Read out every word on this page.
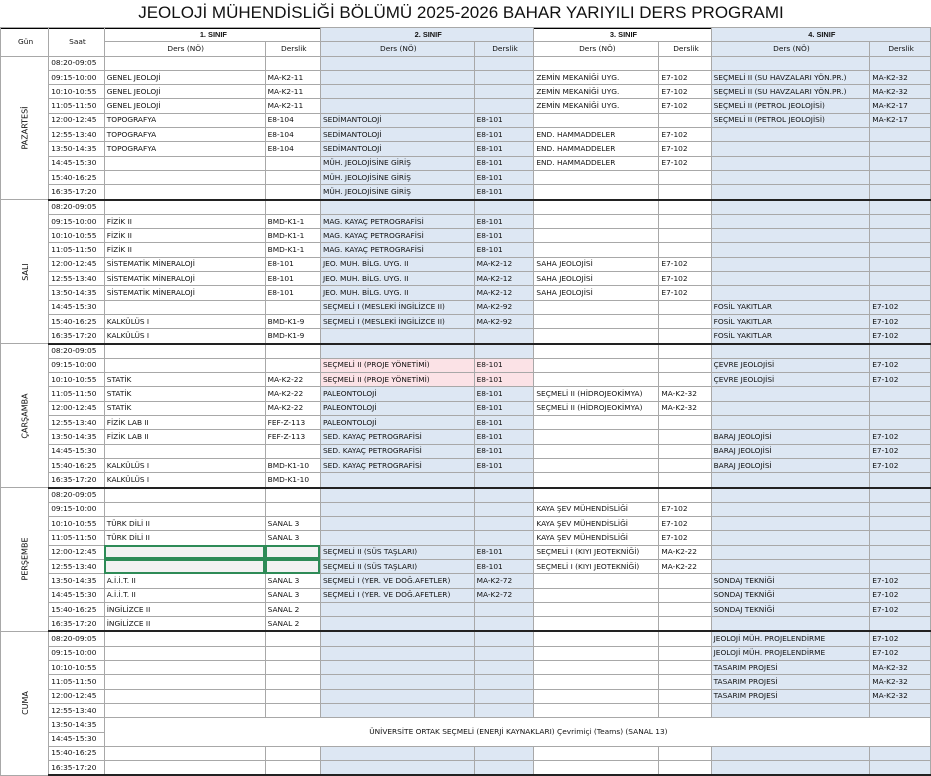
JEOLOJİ MÜHENDİSLİĞİ BÖLÜMÜ 2025-2026 BAHAR YARIYILI DERS PROGRAMI
Gün	Saat	1. SINIF		2. SINIF		3. SINIF		4. SINIF	
		Ders (NÖ)	Derslik	Ders (NÖ)	Derslik	Ders (NÖ)	Derslik	Ders (NÖ)	Derslik
PAZARTESİ	08:20-09:05								
	09:15-10:00	GENEL JEOLOJİ	MA-K2-11			ZEMİN MEKANİĞİ UYG.	E7-102	SEÇMELİ II (SU HAVZALARI YÖN.PR.)	MA-K2-32
	10:10-10:55	GENEL JEOLOJİ	MA-K2-11			ZEMİN MEKANİĞİ UYG.	E7-102	SEÇMELİ II (SU HAVZALARI YÖN.PR.)	MA-K2-32
	11:05-11:50	GENEL JEOLOJİ	MA-K2-11			ZEMİN MEKANİĞİ UYG.	E7-102	SEÇMELİ II (PETROL JEOLOJİSİ)	MA-K2-17
	12:00-12:45	TOPOGRAFYA	E8-104	SEDİMANTOLOJİ	E8-101			SEÇMELİ II (PETROL JEOLOJİSİ)	MA-K2-17
	12:55-13:40	TOPOGRAFYA	E8-104	SEDİMANTOLOJİ	E8-101	END. HAMMADDELER	E7-102		
	13:50-14:35	TOPOGRAFYA	E8-104	SEDİMANTOLOJİ	E8-101	END. HAMMADDELER	E7-102		
	14:45-15:30			MÜH. JEOLOJİSİNE GİRİŞ	E8-101	END. HAMMADDELER	E7-102		
	15:40-16:25			MÜH. JEOLOJİSİNE GİRİŞ	E8-101				
	16:35-17:20			MÜH. JEOLOJİSİNE GİRİŞ	E8-101				
SALI	08:20-09:05								
	09:15-10:00	FİZİK II	BMD-K1-1	MAG. KAYAÇ PETROGRAFİSİ	E8-101				
	10:10-10:55	FİZİK II	BMD-K1-1	MAG. KAYAÇ PETROGRAFİSİ	E8-101				
	11:05-11:50	FİZİK II	BMD-K1-1	MAG. KAYAÇ PETROGRAFİSİ	E8-101				
	12:00-12:45	SİSTEMATİK MİNERALOJİ	E8-101	JEO. MUH. BİLG. UYG. II	MA-K2-12	SAHA JEOLOJİSİ	E7-102		
	12:55-13:40	SİSTEMATİK MİNERALOJİ	E8-101	JEO. MUH. BİLG. UYG. II	MA-K2-12	SAHA JEOLOJİSİ	E7-102		
	13:50-14:35	SİSTEMATİK MİNERALOJİ	E8-101	JEO. MUH. BİLG. UYG. II	MA-K2-12	SAHA JEOLOJİSİ	E7-102		
	14:45-15:30			SEÇMELİ I (MESLEKİ İNGİLİZCE II)	MA-K2-92			FOSİL YAKITLAR	E7-102
	15:40-16:25	KALKÜLÜS I	BMD-K1-9	SEÇMELİ I (MESLEKİ İNGİLİZCE II)	MA-K2-92			FOSİL YAKITLAR	E7-102
	16:35-17:20	KALKÜLÜS I	BMD-K1-9					FOSİL YAKITLAR	E7-102
ÇARŞAMBA	08:20-09:05								
	09:15-10:00			SEÇMELİ II (PROJE YÖNETİMİ)	E8-101			ÇEVRE JEOLOJİSİ	E7-102
	10:10-10:55	STATİK	MA-K2-22	SEÇMELİ II (PROJE YÖNETİMİ)	E8-101			ÇEVRE JEOLOJİSİ	E7-102
	11:05-11:50	STATİK	MA-K2-22	PALEONTOLOJİ	E8-101	SEÇMELİ II (HİDROJEOKİMYA)	MA-K2-32		
	12:00-12:45	STATİK	MA-K2-22	PALEONTOLOJİ	E8-101	SEÇMELİ II (HİDROJEOKİMYA)	MA-K2-32		
	12:55-13:40	FİZİK LAB II	FEF-Z-113	PALEONTOLOJİ	E8-101				
	13:50-14:35	FİZİK LAB II	FEF-Z-113	SED. KAYAÇ PETROGRAFİSİ	E8-101			BARAJ JEOLOJİSİ	E7-102
	14:45-15:30			SED. KAYAÇ PETROGRAFİSİ	E8-101			BARAJ JEOLOJİSİ	E7-102
	15:40-16:25	KALKÜLÜS I	BMD-K1-10	SED. KAYAÇ PETROGRAFİSİ	E8-101			BARAJ JEOLOJİSİ	E7-102
	16:35-17:20	KALKÜLÜS I	BMD-K1-10						
PERŞEMBE	08:20-09:05								
	09:15-10:00					KAYA ŞEV MÜHENDİSLİĞİ	E7-102		
	10:10-10:55	TÜRK DİLİ II	SANAL 3			KAYA ŞEV MÜHENDİSLİĞİ	E7-102		
	11:05-11:50	TÜRK DİLİ II	SANAL 3			KAYA ŞEV MÜHENDİSLİĞİ	E7-102		
	12:00-12:45			SEÇMELİ II (SÜS TAŞLARI)	E8-101	SEÇMELİ I (KIYI JEOTEKNİĞİ)	MA-K2-22		
	12:55-13:40			SEÇMELİ II (SÜS TAŞLARI)	E8-101	SEÇMELİ I (KIYI JEOTEKNİĞİ)	MA-K2-22		
	13:50-14:35	A.İ.İ.T. II	SANAL 3	SEÇMELİ I (YER. VE DOĞ.AFETLER)	MA-K2-72			SONDAJ TEKNİĞİ	E7-102
	14:45-15:30	A.İ.İ.T. II	SANAL 3	SEÇMELİ I (YER. VE DOĞ.AFETLER)	MA-K2-72			SONDAJ TEKNİĞİ	E7-102
	15:40-16:25	İNGİLİZCE II	SANAL 2					SONDAJ TEKNİĞİ	E7-102
	16:35-17:20	İNGİLİZCE II	SANAL 2						
CUMA	08:20-09:05							JEOLOJİ MÜH. PROJELENDİRME	E7-102
	09:15-10:00							JEOLOJİ MÜH. PROJELENDİRME	E7-102
	10:10-10:55							TASARIM PROJESİ	MA-K2-32
	11:05-11:50							TASARIM PROJESİ	MA-K2-32
	12:00-12:45							TASARIM PROJESİ	MA-K2-32
	12:55-13:40								
	13:50-14:35	ÜNİVERSİTE ORTAK SEÇMELİ (ENERJİ KAYNAKLARI) Çevrimiçi (Teams) (SANAL 13)							
	14:45-15:30								
	15:40-16:25								
	16:35-17:20								
